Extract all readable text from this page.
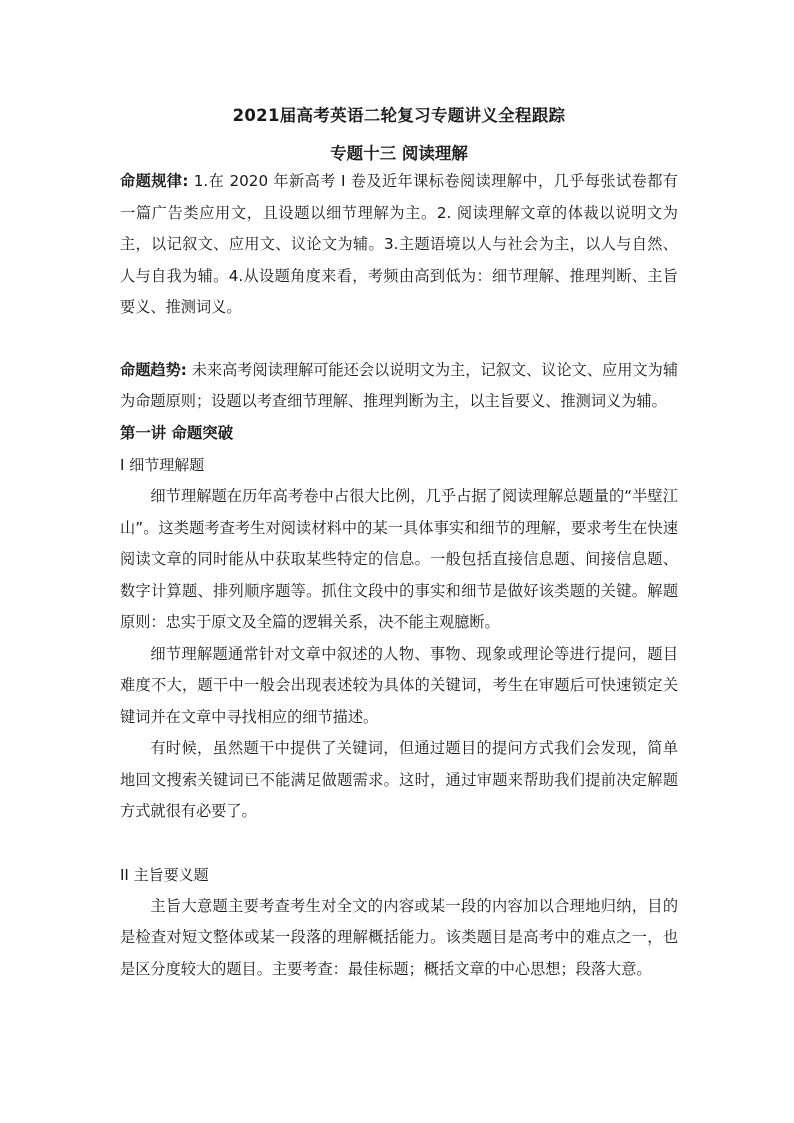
2021届高考英语二轮复习专题讲义全程跟踪
专题十三 阅读理解

命题规律: 1.在 2020 年新高考 I 卷及近年课标卷阅读理解中，几乎每张试卷都有一篇广告类应用文，且设题以细节理解为主。2. 阅读理解文章的体裁以说明文为主，以记叙文、应用文、议论文为辅。3.主题语境以人与社会为主，以人与自然、人与自我为辅。4.从设题角度来看，考频由高到低为：细节理解、推理判断、主旨要义、推测词义。

命题趋势: 未来高考阅读理解可能还会以说明文为主，记叙文、议论文、应用文为辅为命题原则；设题以考查细节理解、推理判断为主，以主旨要义、推测词义为辅。

第一讲 命题突破

I 细节理解题

细节理解题在历年高考卷中占很大比例，几乎占据了阅读理解总题量的“半壁江山”。这类题考查考生对阅读材料中的某一具体事实和细节的理解，要求考生在快速阅读文章的同时能从中获取某些特定的信息。一般包括直接信息题、间接信息题、数字计算题、排列顺序题等。抓住文段中的事实和细节是做好该类题的关键。解题原则：忠实于原文及全篇的逻辑关系，决不能主观臆断。

细节理解题通常针对文章中叙述的人物、事物、现象或理论等进行提问，题目难度不大，题干中一般会出现表述较为具体的关键词，考生在审题后可快速锁定关键词并在文章中寻找相应的细节描述。

有时候，虽然题干中提供了关键词，但通过题目的提问方式我们会发现，简单地回文搜索关键词已不能满足做题需求。这时，通过审题来帮助我们提前决定解题方式就很有必要了。

II 主旨要义题

主旨大意题主要考查考生对全文的内容或某一段的内容加以合理地归纳，目的是检查对短文整体或某一段落的理解概括能力。该类题目是高考中的难点之一，也是区分度较大的题目。主要考查：最佳标题；概括文章的中心思想；段落大意。
